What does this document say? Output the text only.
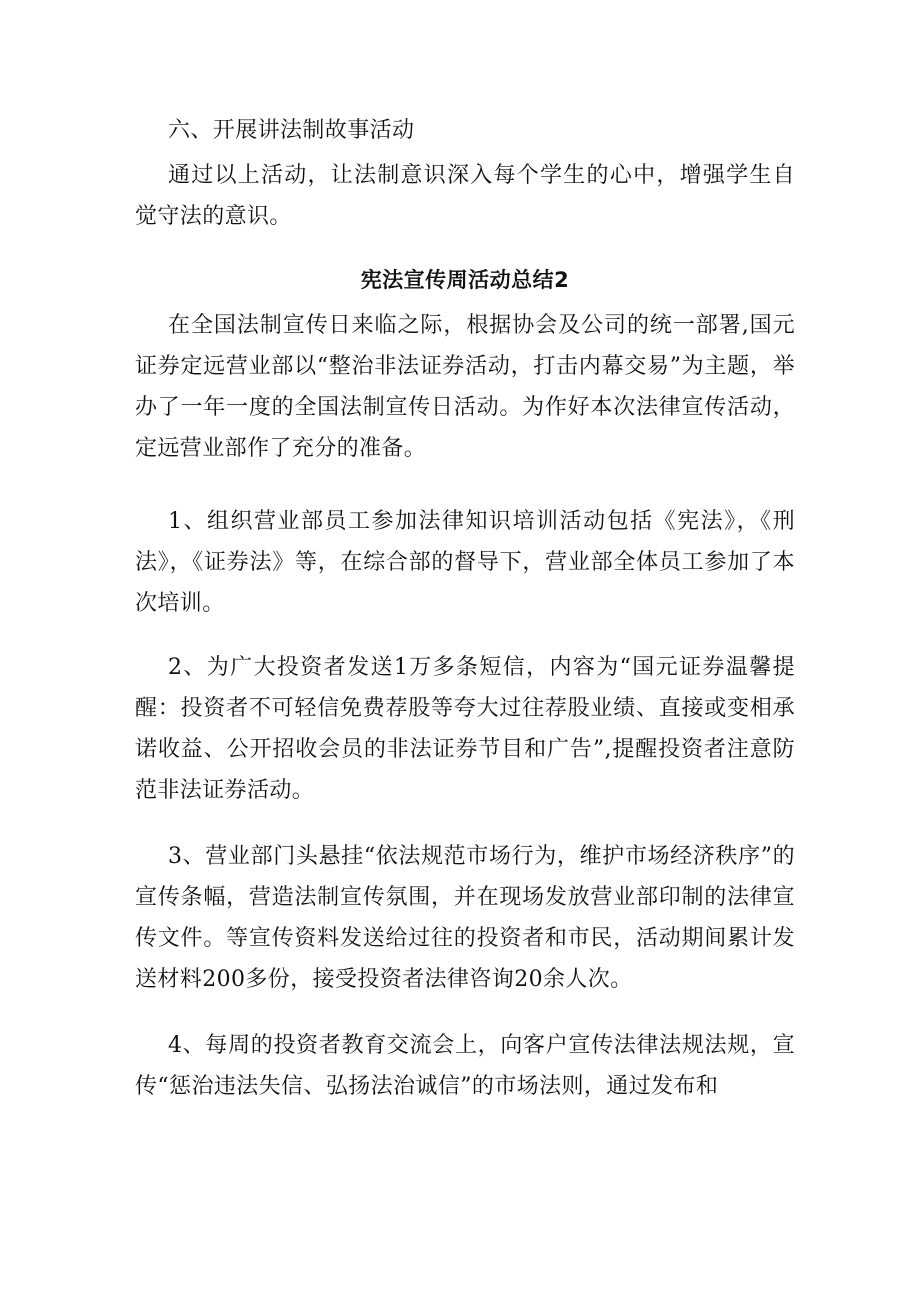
六、开展讲法制故事活动

通过以上活动，让法制意识深入每个学生的心中，增强学生自觉守法的意识。

宪法宣传周活动总结2

在全国法制宣传日来临之际，根据协会及公司的统一部署,国元证券定远营业部以“整治非法证券活动，打击内幕交易”为主题，举办了一年一度的全国法制宣传日活动。为作好本次法律宣传活动，定远营业部作了充分的准备。

1、组织营业部员工参加法律知识培训活动包括《宪法》，《刑法》，《证券法》等，在综合部的督导下，营业部全体员工参加了本次培训。

2、为广大投资者发送1万多条短信，内容为“国元证券温馨提醒：投资者不可轻信免费荐股等夸大过往荐股业绩、直接或变相承诺收益、公开招收会员的非法证券节目和广告”,提醒投资者注意防范非法证券活动。

3、营业部门头悬挂“依法规范市场行为，维护市场经济秩序”的宣传条幅，营造法制宣传氛围，并在现场发放营业部印制的法律宣传文件。等宣传资料发送给过往的投资者和市民，活动期间累计发送材料200多份，接受投资者法律咨询20余人次。

4、每周的投资者教育交流会上，向客户宣传法律法规法规，宣传“惩治违法失信、弘扬法治诚信”的市场法则，通过发布和
